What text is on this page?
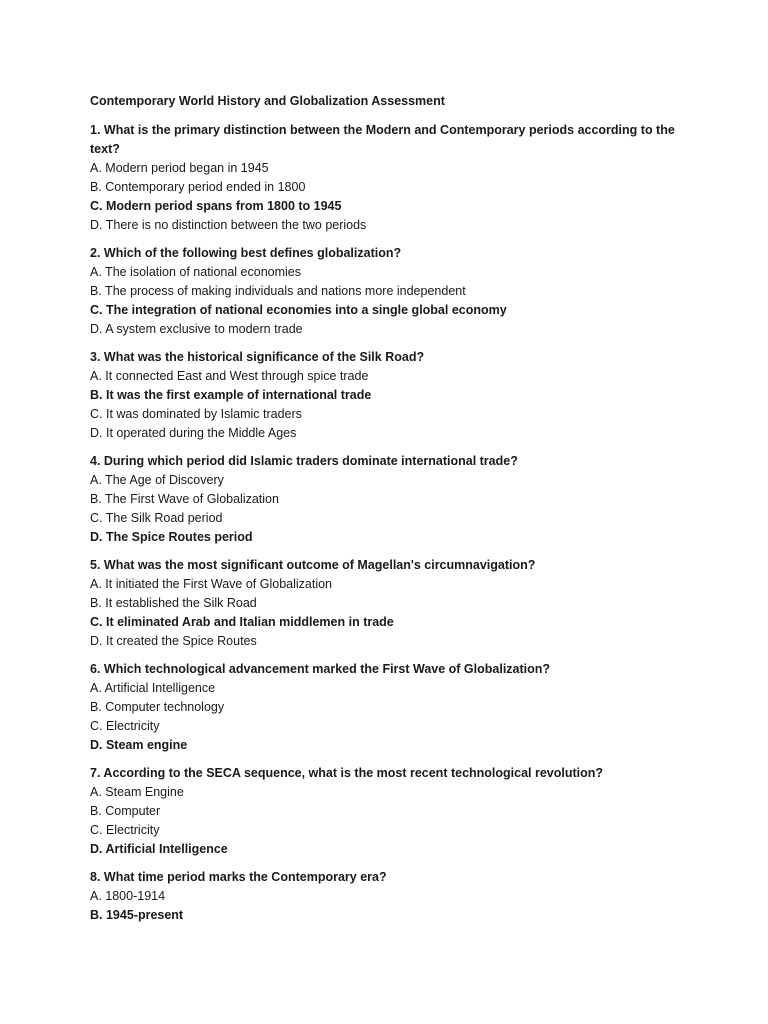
Contemporary World History and Globalization Assessment

1. What is the primary distinction between the Modern and Contemporary periods according to the text?

A. Modern period began in 1945

B. Contemporary period ended in 1800

C. Modern period spans from 1800 to 1945

D. There is no distinction between the two periods

2. Which of the following best defines globalization?

A. The isolation of national economies

B. The process of making individuals and nations more independent

C. The integration of national economies into a single global economy

D. A system exclusive to modern trade

3. What was the historical significance of the Silk Road?

A. It connected East and West through spice trade

B. It was the first example of international trade

C. It was dominated by Islamic traders

D. It operated during the Middle Ages

4. During which period did Islamic traders dominate international trade?

A. The Age of Discovery

B. The First Wave of Globalization

C. The Silk Road period

D. The Spice Routes period

5. What was the most significant outcome of Magellan's circumnavigation?

A. It initiated the First Wave of Globalization

B. It established the Silk Road

C. It eliminated Arab and Italian middlemen in trade

D. It created the Spice Routes

6. Which technological advancement marked the First Wave of Globalization?

A. Artificial Intelligence

B. Computer technology

C. Electricity

D. Steam engine

7. According to the SECA sequence, what is the most recent technological revolution?

A. Steam Engine

B. Computer

C. Electricity

D. Artificial Intelligence

8. What time period marks the Contemporary era?

A. 1800-1914

B. 1945-present
